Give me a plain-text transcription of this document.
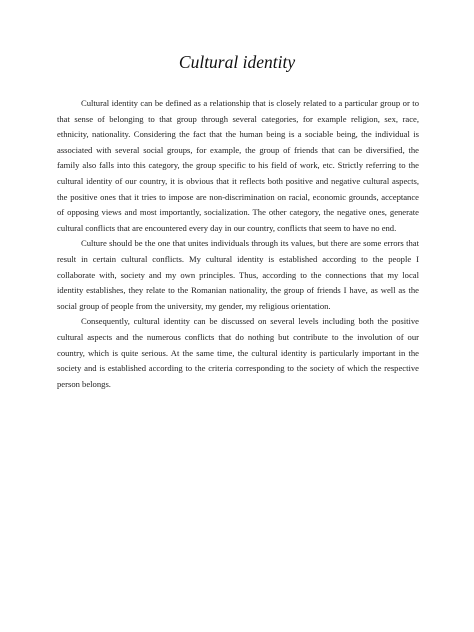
Cultural identity

Cultural identity can be defined as a relationship that is closely related to a particular group or to that sense of belonging to that group through several categories, for example religion, sex, race, ethnicity, nationality. Considering the fact that the human being is a sociable being, the individual is associated with several social groups, for example, the group of friends that can be diversified, the family also falls into this category, the group specific to his field of work, etc. Strictly referring to the cultural identity of our country, it is obvious that it reflects both positive and negative cultural aspects, the positive ones that it tries to impose are non-discrimination on racial, economic grounds, acceptance of opposing views and most importantly, socialization. The other category, the negative ones, generate cultural conflicts that are encountered every day in our country, conflicts that seem to have no end.

Culture should be the one that unites individuals through its values, but there are some errors that result in certain cultural conflicts. My cultural identity is established according to the people I collaborate with, society and my own principles. Thus, according to the connections that my local identity establishes, they relate to the Romanian nationality, the group of friends I have, as well as the social group of people from the university, my gender, my religious orientation.

Consequently, cultural identity can be discussed on several levels including both the positive cultural aspects and the numerous conflicts that do nothing but contribute to the involution of our country, which is quite serious. At the same time, the cultural identity is particularly important in the society and is established according to the criteria corresponding to the society of which the respective person belongs.
